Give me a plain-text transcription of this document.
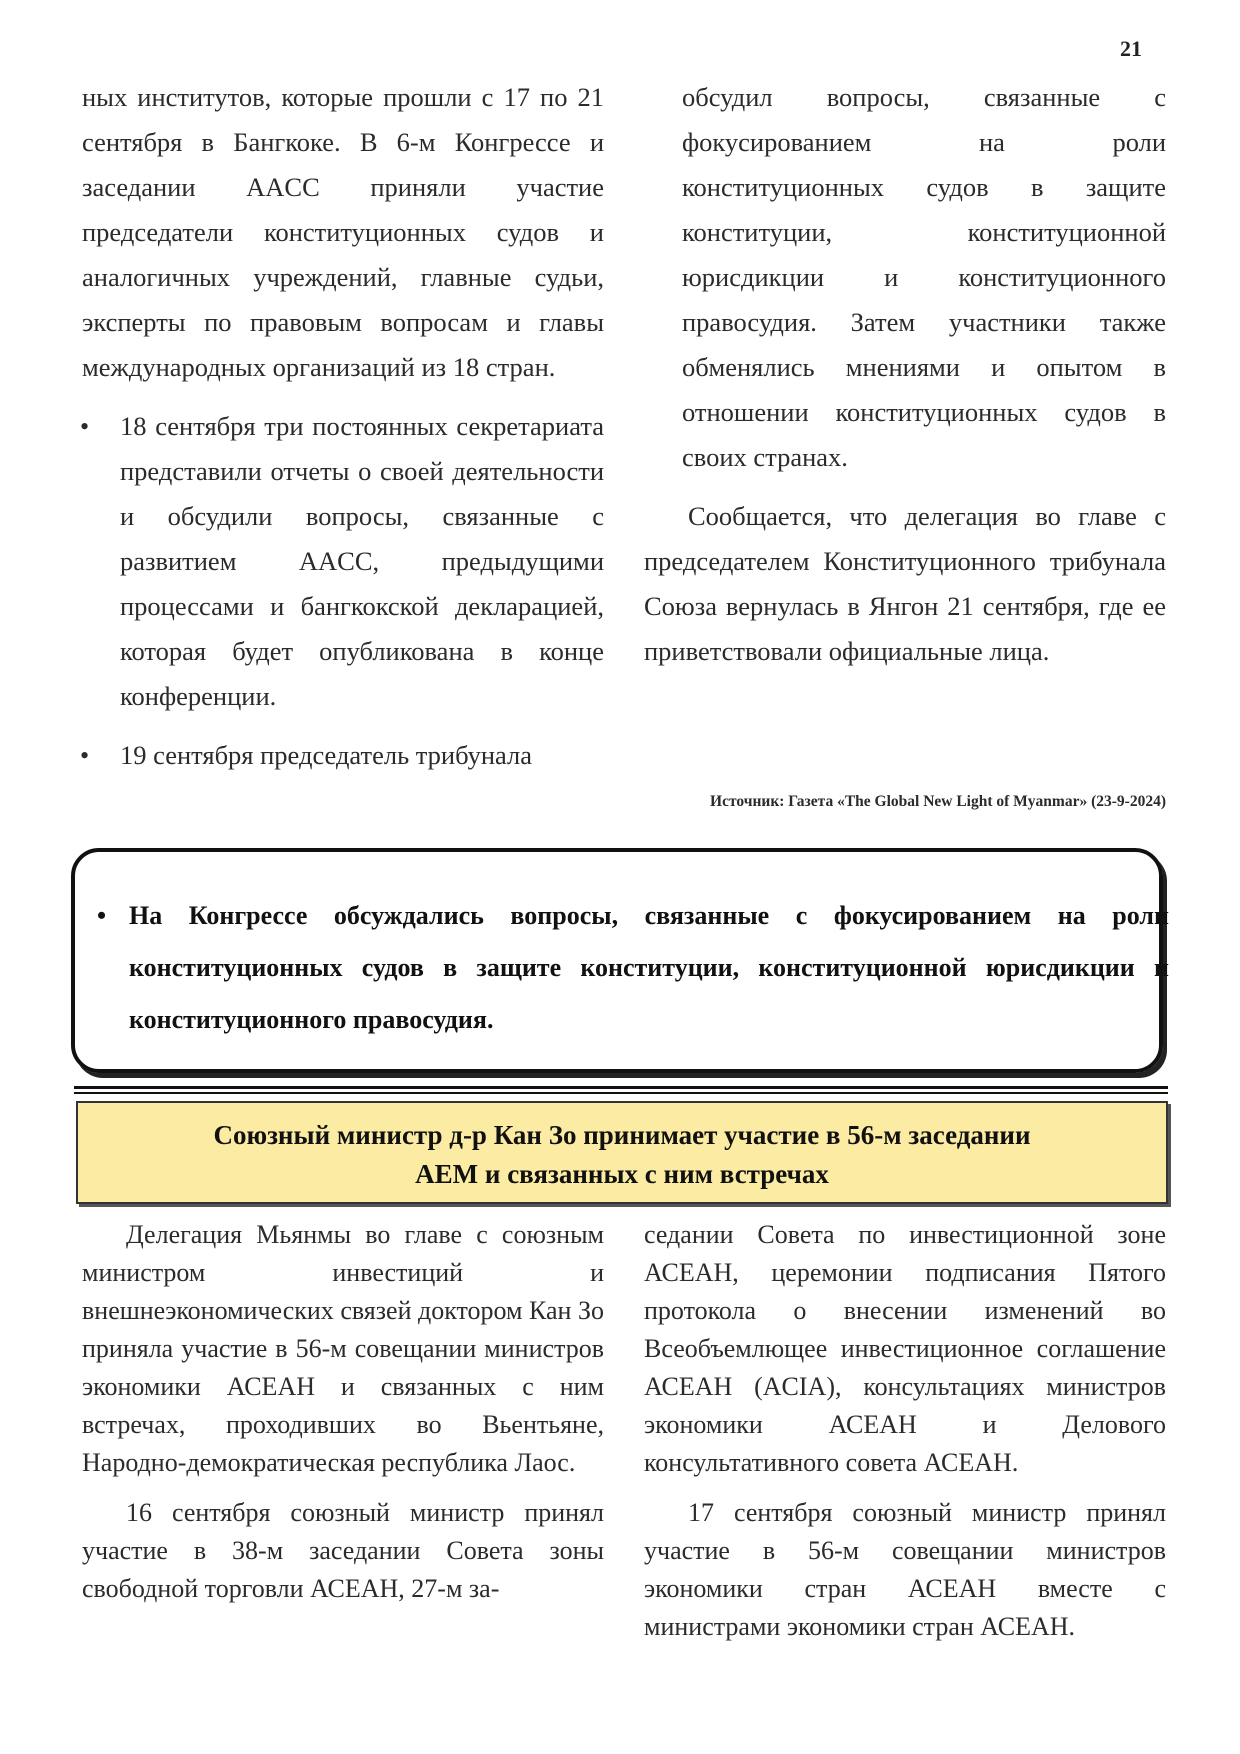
21

ных институтов, которые прошли с 17 по 21 сентября в Бангкоке. В 6-м Конгрессе и заседании AACC приняли участие председатели конституционных судов и аналогичных учреждений, главные судьи, эксперты по правовым вопросам и главы международных организаций из 18 стран.

• 18 сентября три постоянных секретариата представили отчеты о своей деятельности и обсудили вопросы, связанные с развитием AACC, предыдущими процессами и бангкокской декларацией, которая будет опубликована в конце конференции.

• 19 сентября председатель трибунала

обсудил вопросы, связанные с фокусированием на роли конституционных судов в защите конституции, конституционной юрисдикции и конституционного правосудия. Затем участники также обменялись мнениями и опытом в отношении конституционных судов в своих странах.

Сообщается, что делегация во главе с председателем Конституционного трибунала Союза вернулась в Янгон 21 сентября, где ее приветствовали официальные лица.

Источник: Газета «The Global New Light of Myanmar» (23-9-2024)
• На Конгрессе обсуждались вопросы, связанные с фокусированием на роли конституционных судов в защите конституции, конституционной юрисдикции и конституционного правосудия.
Союзный министр д-р Кан Зо принимает участие в 56-м заседании
AEM и связанных с ним встречах

Делегация Мьянмы во главе с союзным министром инвестиций и внешнеэкономических связей доктором Кан Зо приняла участие в 56-м совещании министров экономики АСЕАН и связанных с ним встречах, проходивших во Вьентьяне, Народно-демократическая республика Лаос.

16 сентября союзный министр принял участие в 38-м заседании Совета зоны свободной торговли АСЕАН, 27-м за-

седании Совета по инвестиционной зоне АСЕАН, церемонии подписания Пятого протокола о внесении изменений во Всеобъемлющее инвестиционное соглашение АСЕАН (ACIA), консультациях министров экономики АСЕАН и Делового консультативного совета АСЕАН.

17 сентября союзный министр принял участие в 56-м совещании министров экономики стран АСЕАН вместе с министрами экономики стран АСЕАН.
